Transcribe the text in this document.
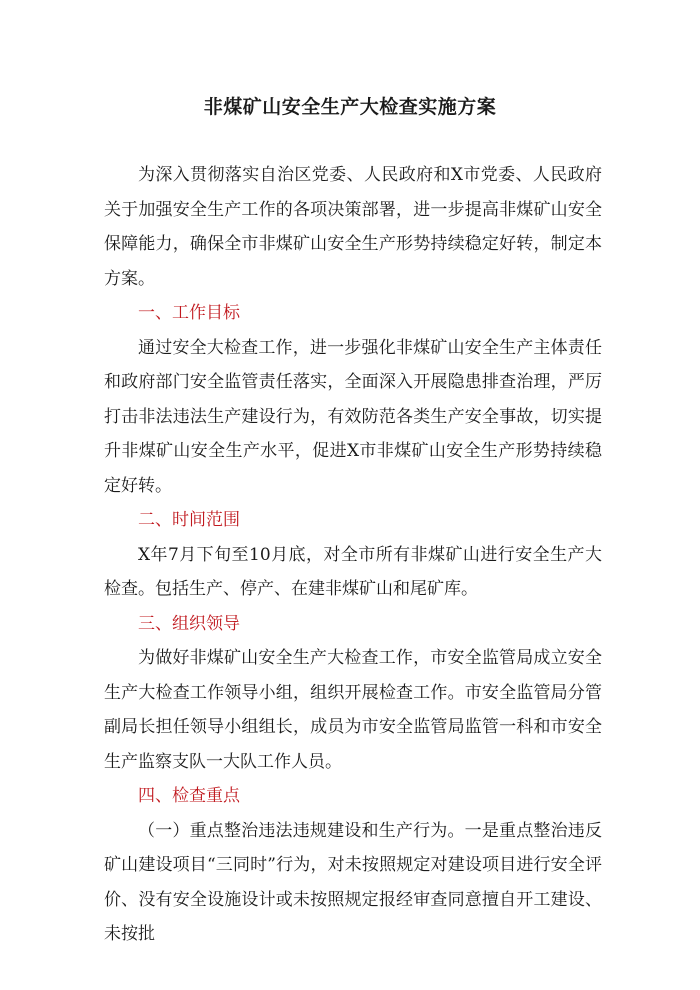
非煤矿山安全生产大检查实施方案

为深入贯彻落实自治区党委、人民政府和X市党委、人民政府关于加强安全生产工作的各项决策部署，进一步提高非煤矿山安全保障能力，确保全市非煤矿山安全生产形势持续稳定好转，制定本方案。

一、工作目标

通过安全大检查工作，进一步强化非煤矿山安全生产主体责任和政府部门安全监管责任落实，全面深入开展隐患排查治理，严厉打击非法违法生产建设行为，有效防范各类生产安全事故，切实提升非煤矿山安全生产水平，促进X市非煤矿山安全生产形势持续稳定好转。

二、时间范围

X年7月下旬至10月底，对全市所有非煤矿山进行安全生产大检查。包括生产、停产、在建非煤矿山和尾矿库。

三、组织领导

为做好非煤矿山安全生产大检查工作，市安全监管局成立安全生产大检查工作领导小组，组织开展检查工作。市安全监管局分管副局长担任领导小组组长，成员为市安全监管局监管一科和市安全生产监察支队一大队工作人员。

四、检查重点

（一）重点整治违法违规建设和生产行为。一是重点整治违反矿山建设项目“三同时”行为，对未按照规定对建设项目进行安全评价、没有安全设施设计或未按照规定报经审查同意擅自开工建设、未按批
